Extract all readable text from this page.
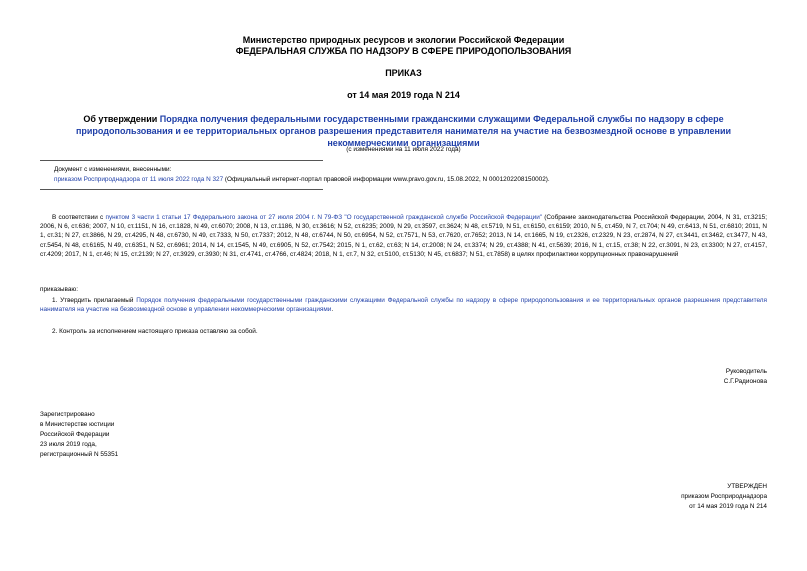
Министерство природных ресурсов и экологии Российской Федерации
ФЕДЕРАЛЬНАЯ СЛУЖБА ПО НАДЗОРУ В СФЕРЕ ПРИРОДОПОЛЬЗОВАНИЯ
ПРИКАЗ
от 14 мая 2019 года N 214
Об утверждении Порядка получения федеральными государственными гражданскими служащими Федеральной службы по надзору в сфере природопользования и ее территориальных органов разрешения представителя нанимателя на участие на безвозмездной основе в управлении некоммерческими организациями
(с изменениями на 11 июля 2022 года)
Документ с изменениями, внесенными:
приказом Росприроднадзора от 11 июля 2022 года N 327 (Официальный интернет-портал правовой информации www.pravo.gov.ru, 15.08.2022, N 0001202208150002).
В соответствии с пунктом 3 части 1 статьи 17 Федерального закона от 27 июля 2004 г. N 79-ФЗ "О государственной гражданской службе Российской Федерации" (Собрание законодательства Российской Федерации, 2004, N 31, ст.3215; 2006, N 6, ст.636; 2007, N 10, ст.1151, N 16, ст.1828, N 49, ст.6070; 2008, N 13, ст.1186, N 30, ст.3616; N 52, ст.6235; 2009, N 29, ст.3597, ст.3624; N 48, ст.5719, N 51, ст.6150, ст.6159; 2010, N 5, ст.459, N 7, ст.704; N 49, ст.6413, N 51, ст.6810; 2011, N 1, ст.31; N 27, ст.3866, N 29, ст.4295, N 48, ст.6730, N 49, ст.7333, N 50, ст.7337; 2012, N 48, ст.6744, N 50, ст.6954, N 52, ст.7571, N 53, ст.7620, ст.7652; 2013, N 14, ст.1665, N 19, ст.2326, ст.2329, N 23, ст.2874, N 27, ст.3441, ст.3462, ст.3477, N 43, ст.5454, N 48, ст.6165, N 49, ст.6351, N 52, ст.6961; 2014, N 14, ст.1545, N 49, ст.6905, N 52, ст.7542; 2015, N 1, ст.62, ст.63; N 14, ст.2008; N 24, ст.3374; N 29, ст.4388; N 41, ст.5639; 2016, N 1, ст.15, ст.38; N 22, ст.3091, N 23, ст.3300; N 27, ст.4157, ст.4209; 2017, N 1, ст.46; N 15, ст.2139; N 27, ст.3929, ст.3930; N 31, ст.4741, ст.4766, ст.4824; 2018, N 1, ст.7, N 32, ст.5100, ст.5130; N 45, ст.6837; N 51, ст.7858) в целях профилактики коррупционных правонарушений
приказываю:
1. Утвердить прилагаемый Порядок получения федеральными государственными гражданскими служащими Федеральной службы по надзору в сфере природопользования и ее территориальных органов разрешения представителя нанимателя на участие на безвозмездной основе в управлении некоммерческими организациями.
2. Контроль за исполнением настоящего приказа оставляю за собой.
Руководитель
С.Г.Радионова
Зарегистрировано
в Министерстве юстиции
Российской Федерации
23 июля 2019 года,
регистрационный N 55351
УТВЕРЖДЕН
приказом Росприроднадзора
от 14 мая 2019 года N 214
